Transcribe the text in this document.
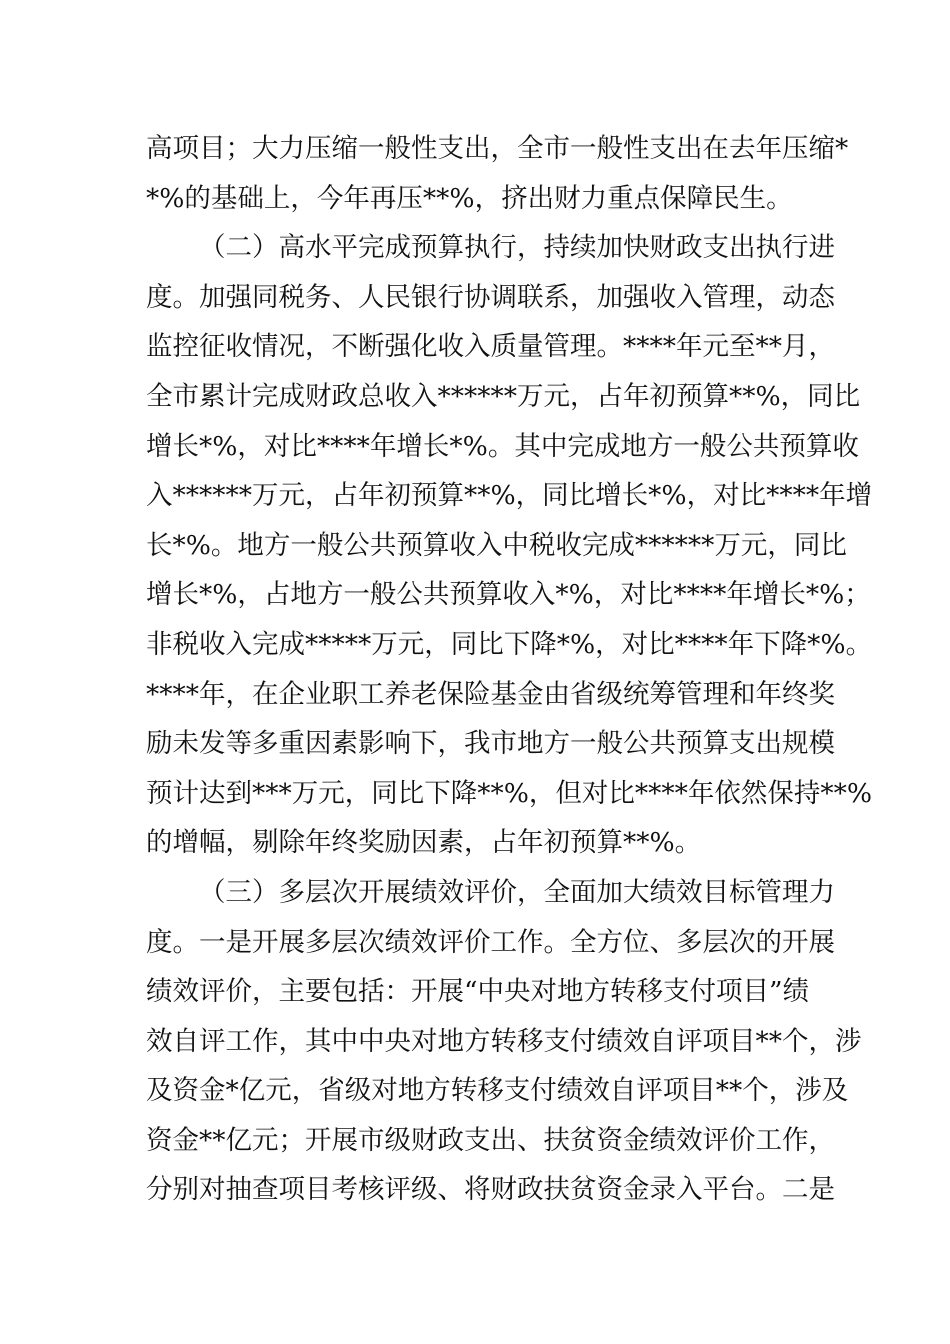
高项目；大力压缩一般性支出，全市一般性支出在去年压缩*
*%的基础上，今年再压**%，挤出财力重点保障民生。
（二）高水平完成预算执行，持续加快财政支出执行进
度。加强同税务、人民银行协调联系，加强收入管理，动态
监控征收情况，不断强化收入质量管理。****年元至**月，
全市累计完成财政总收入******万元，占年初预算**%，同比
增长*%，对比****年增长*%。其中完成地方一般公共预算收
入******万元，占年初预算**%，同比增长*%，对比****年增
长*%。地方一般公共预算收入中税收完成******万元，同比
增长*%，占地方一般公共预算收入*%，对比****年增长*%；
非税收入完成*****万元，同比下降*%，对比****年下降*%。
****年，在企业职工养老保险基金由省级统筹管理和年终奖
励未发等多重因素影响下，我市地方一般公共预算支出规模
预计达到***万元，同比下降**%，但对比****年依然保持**%
的增幅，剔除年终奖励因素，占年初预算**%。
（三）多层次开展绩效评价，全面加大绩效目标管理力
度。一是开展多层次绩效评价工作。全方位、多层次的开展
绩效评价，主要包括：开展“中央对地方转移支付项目”绩
效自评工作，其中中央对地方转移支付绩效自评项目**个，涉
及资金*亿元，省级对地方转移支付绩效自评项目**个，涉及
资金**亿元；开展市级财政支出、扶贫资金绩效评价工作，
分别对抽查项目考核评级、将财政扶贫资金录入平台。二是
